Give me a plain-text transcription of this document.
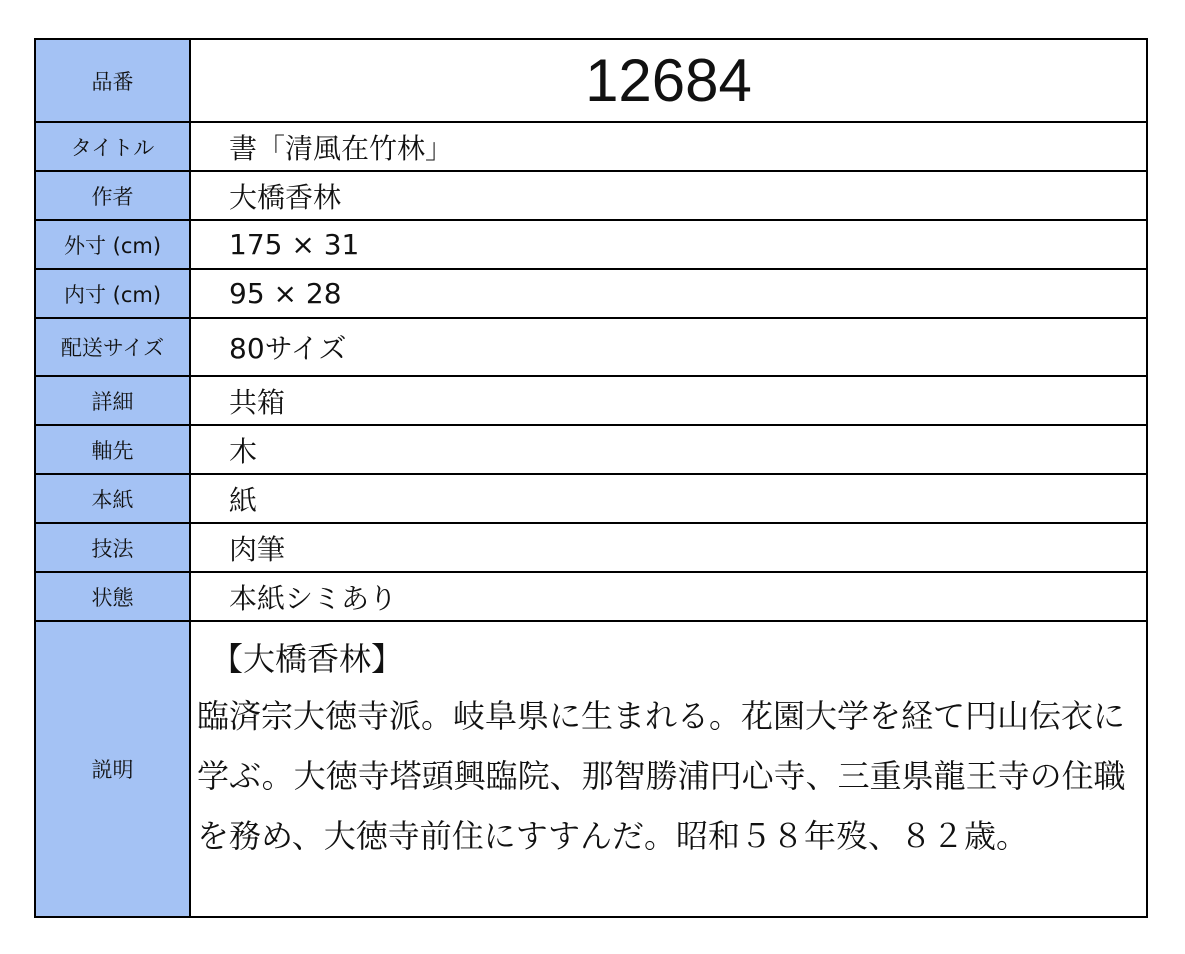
品番	12684
タイトル	書「清風在竹林」
作者	大橋香林
外寸 (cm)	175 × 31
内寸 (cm)	95 × 28
配送サイズ	80サイズ
詳細	共箱
軸先	木
本紙	紙
技法	肉筆
状態	本紙シミあり
説明	【大橋香林】
臨済宗大徳寺派。岐阜県に生まれる。花園大学を経て円山伝衣に学ぶ。大徳寺塔頭興臨院、那智勝浦円心寺、三重県龍王寺の住職を務め、大徳寺前住にすすんだ。昭和５８年歿、８２歳。
